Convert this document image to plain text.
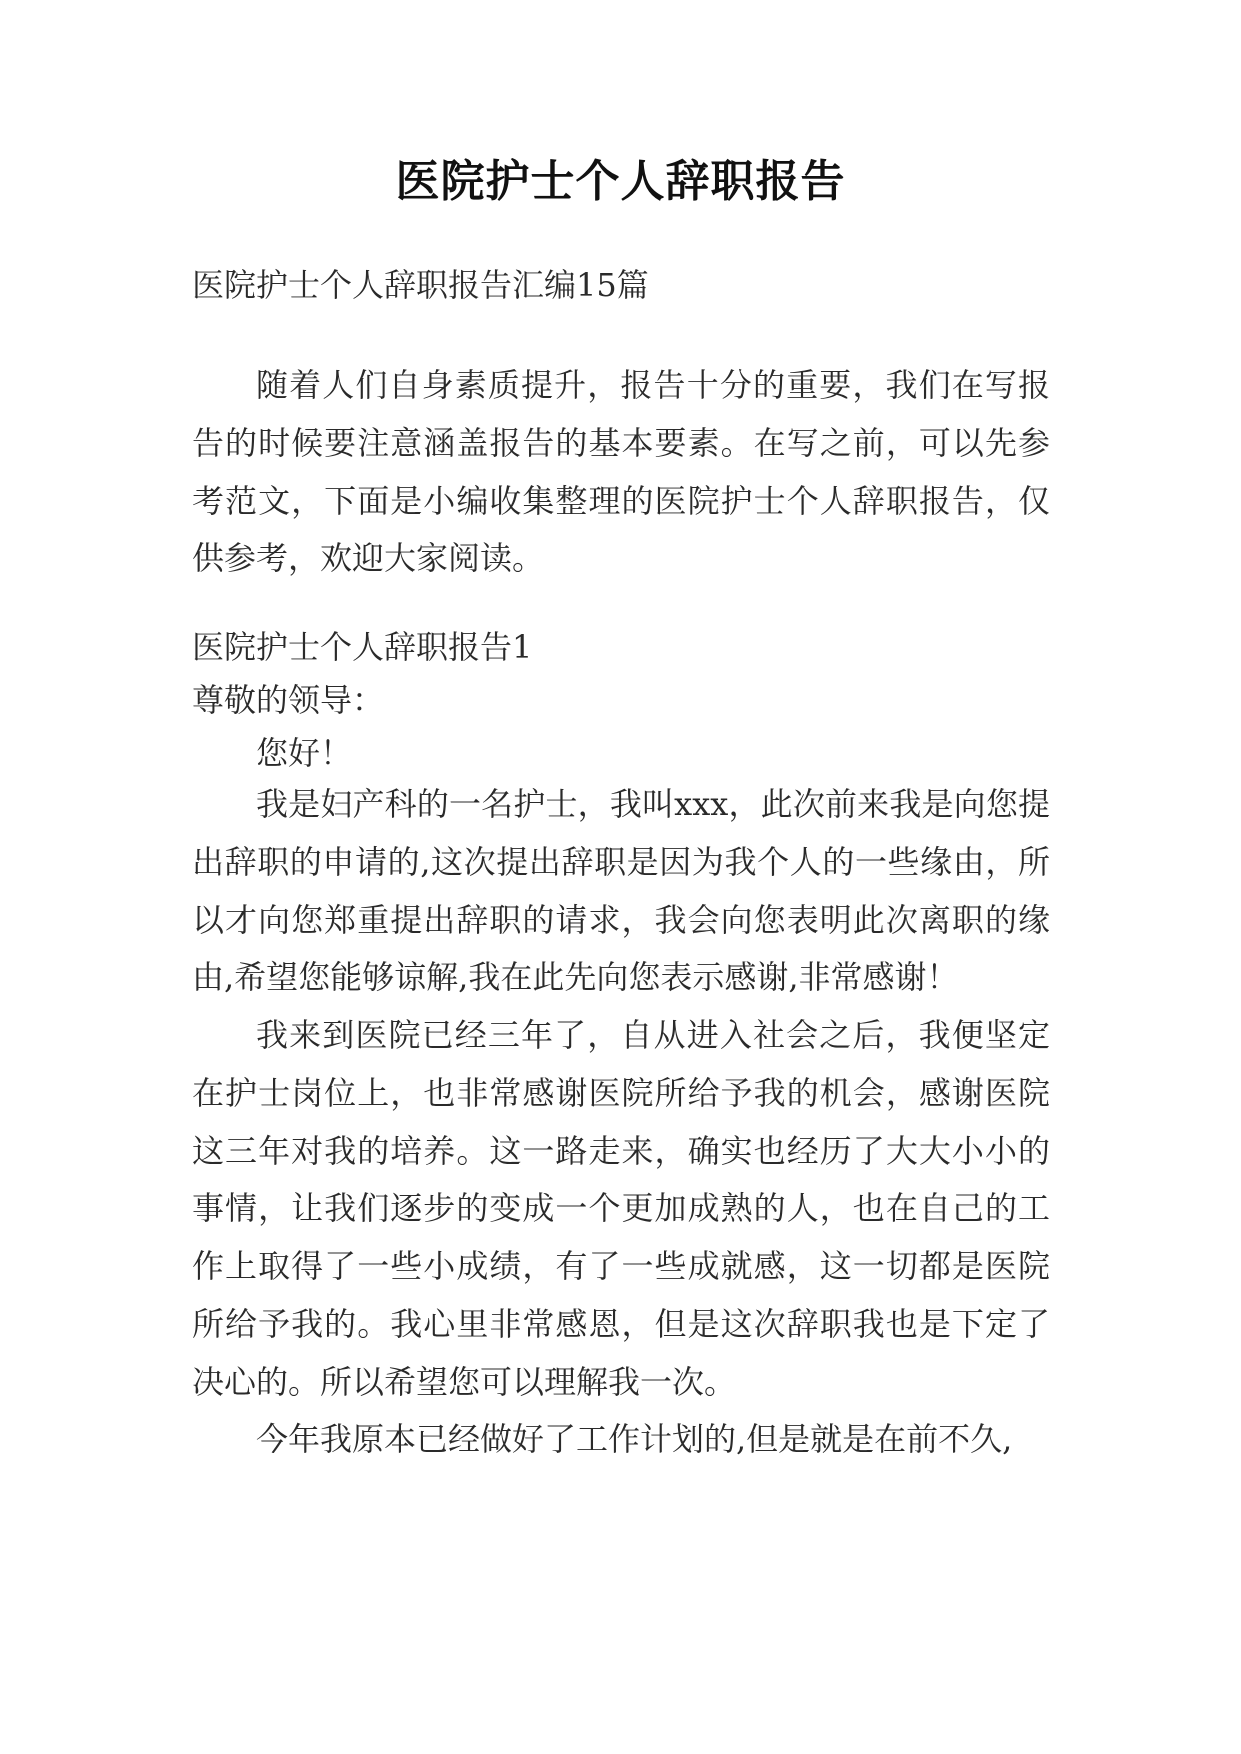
医院护士个人辞职报告
医院护士个人辞职报告汇编15篇
随着人们自身素质提升，报告十分的重要，我们在写报告的时候要注意涵盖报告的基本要素。在写之前，可以先参考范文，下面是小编收集整理的医院护士个人辞职报告，仅供参考，欢迎大家阅读。
医院护士个人辞职报告1
尊敬的领导：
您好！
我是妇产科的一名护士，我叫xxx，此次前来我是向您提出辞职的申请的,这次提出辞职是因为我个人的一些缘由，所以才向您郑重提出辞职的请求，我会向您表明此次离职的缘由,希望您能够谅解,我在此先向您表示感谢,非常感谢！
我来到医院已经三年了，自从进入社会之后，我便坚定在护士岗位上，也非常感谢医院所给予我的机会，感谢医院这三年对我的培养。这一路走来，确实也经历了大大小小的事情，让我们逐步的变成一个更加成熟的人，也在自己的工作上取得了一些小成绩，有了一些成就感，这一切都是医院所给予我的。我心里非常感恩，但是这次辞职我也是下定了决心的。所以希望您可以理解我一次。
今年我原本已经做好了工作计划的,但是就是在前不久,
